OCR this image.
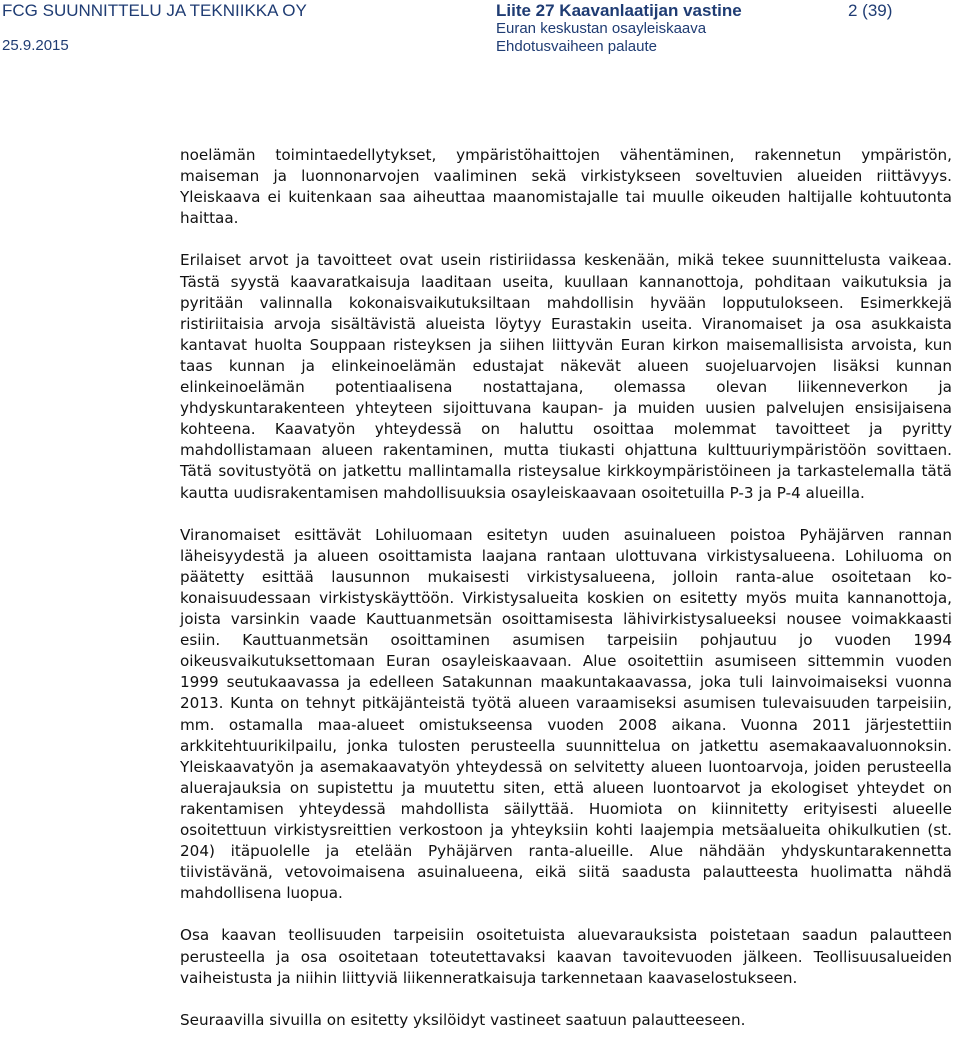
FCG SUUNNITTELU JA TEKNIIKKA OY
25.9.2015
Liite 27 Kaavanlaatijan vastine
Euran keskustan osayleiskaava
Ehdotusvaiheen palaute
2 (39)

noelämän toimintaedellytykset, ympäristöhaittojen vähentäminen, rakennetun ympäristön, maiseman ja luonnonarvojen vaaliminen sekä virkistykseen soveltuvien alueiden riittävyys. Yleiskaava ei kuitenkaan saa aiheuttaa maanomistajalle tai muulle oikeuden haltijalle kohtuutonta haittaa.

Erilaiset arvot ja tavoitteet ovat usein ristiriidassa keskenään, mikä tekee suunnittelusta vaikeaa. Tästä syystä kaavaratkaisuja laaditaan useita, kuullaan kannanottoja, pohditaan vaikutuksia ja pyritään valinnalla kokonaisvaikutuksiltaan mahdollisin hyvään lopputulokseen. Esimerkkejä ristiriitaisia arvoja sisältävistä alueista löytyy Eurastakin useita. Viranomaiset ja osa asukkaista kantavat huolta Souppaan risteyksen ja siihen liittyvän Euran kirkon maisemallisista arvoista, kun taas kunnan ja elinkeinoelämän edustajat näkevät alueen suojeluarvojen lisäksi kunnan elinkeinoelämän potentiaalisena nostattajana, olemassa olevan liikenneverkon ja yhdyskuntarakenteen yhteyteen sijoittuvana kaupan- ja muiden uusien palvelujen ensisijaisena kohteena. Kaavatyön yhteydessä on haluttu osoittaa molemmat tavoitteet ja pyritty mahdollistamaan alueen rakentaminen, mutta tiukasti ohjattuna kulttuuriympäristöön sovittaen. Tätä sovitustyötä on jatkettu mallintamalla risteysalue kirkkoympäristöineen ja tarkastelemalla tätä kautta uudisrakentamisen mahdollisuuksia osayleiskaavaan osoitetuilla P-3 ja P-4 alueilla.

Viranomaiset esittävät Lohiluomaan esitetyn uuden asuinalueen poistoa Pyhäjärven rannan läheisyydestä ja alueen osoittamista laajana rantaan ulottuvana virkistysalueena. Lohiluoma on päätetty esittää lausunnon mukaisesti virkistysalueena, jolloin ranta-alue osoitetaan kokonaisuudessaan virkistyskäyttöön. Virkistysalueita koskien on esitetty myös muita kannanottoja, joista varsinkin vaade Kauttuanmetsän osoittamisesta lähivirkistysalueeksi nousee voimakkaasti esiin. Kauttuanmetsän osoittaminen asumisen tarpeisiin pohjautuu jo vuoden 1994 oikeusvaikutuksettomaan Euran osayleiskaavaan. Alue osoitettiin asumiseen sittemmin vuoden 1999 seutukaavassa ja edelleen Satakunnan maakuntakaavassa, joka tuli lainvoimaiseksi vuonna 2013. Kunta on tehnyt pitkäjänteistä työtä alueen varaamiseksi asumisen tulevaisuuden tarpeisiin, mm. ostamalla maa-alueet omistukseensa vuoden 2008 aikana. Vuonna 2011 järjestettiin arkkitehtuurikilpailu, jonka tulosten perusteella suunnittelua on jatkettu asemakaavaluonnoksin. Yleiskaavatyön ja asemakaavatyön yhteydessä on selvitetty alueen luontoarvoja, joiden perusteella aluerajauksia on supistettu ja muutettu siten, että alueen luontoarvot ja ekologiset yhteydet on rakentamisen yhteydessä mahdollista säilyttää. Huomiota on kiinnitetty erityisesti alueelle osoitettuun virkistysreittien verkostoon ja yhteyksiin kohti laajempia metsäalueita ohikulkutien (st. 204) itäpuolelle ja etelään Pyhäjärven ranta-alueille. Alue nähdään yhdyskuntarakennetta tiivistävänä, vetovoimaisena asuinalueena, eikä siitä saadusta palautteesta huolimatta nähdä mahdollisena luopua.

Osa kaavan teollisuuden tarpeisiin osoitetuista aluevarauksista poistetaan saadun palautteen perusteella ja osa osoitetaan toteutettavaksi kaavan tavoitevuoden jälkeen. Teollisuusalueiden vaiheistusta ja niihin liittyviä liikenneratkaisuja tarkennetaan kaavaselostukseen.

Seuraavilla sivuilla on esitetty yksilöidyt vastineet saatuun palautteeseen.
